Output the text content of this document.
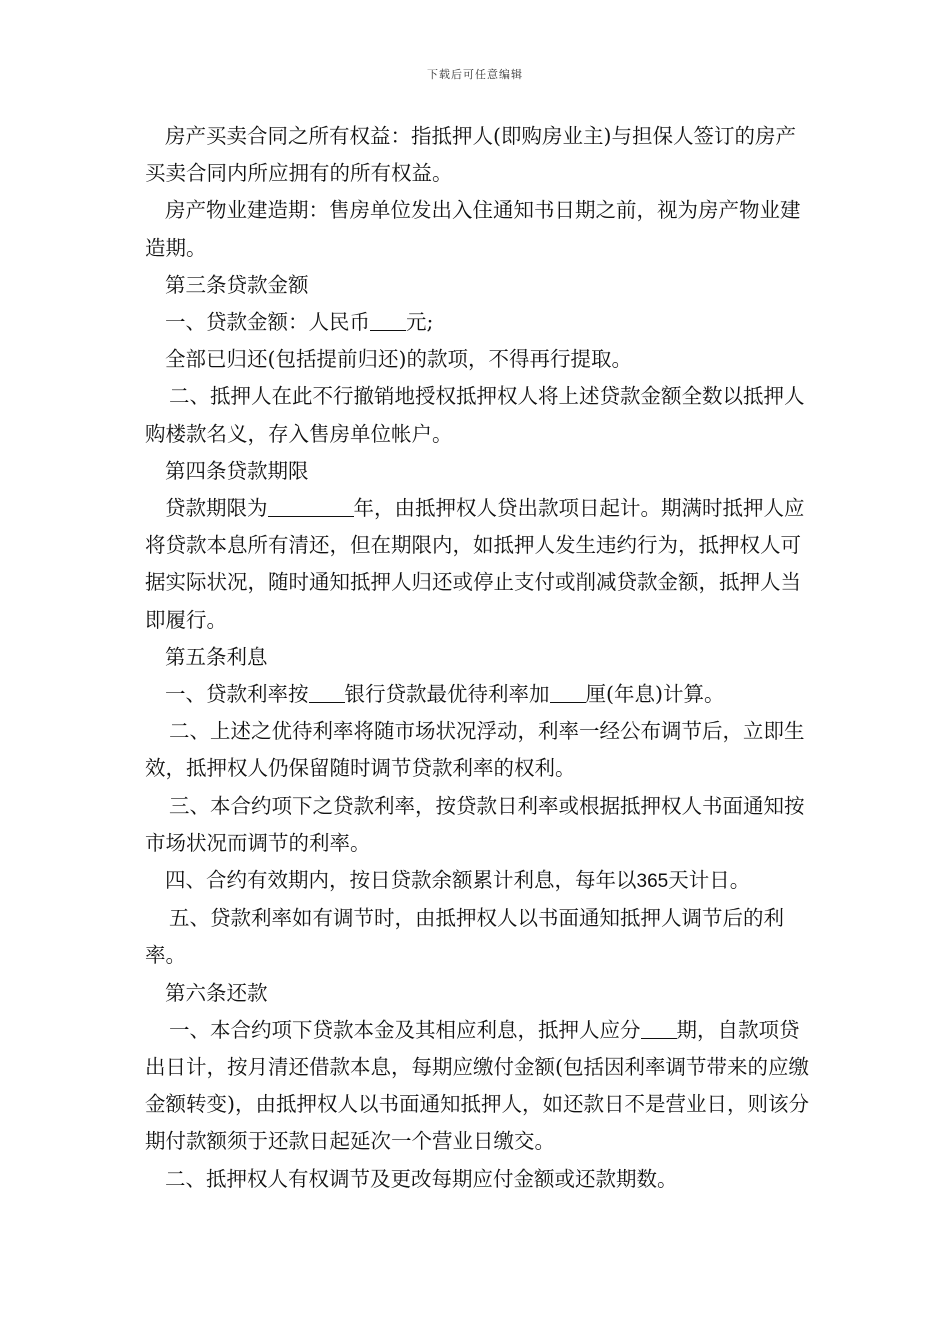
下载后可任意编辑

房产买卖合同之所有权益：指抵押人(即购房业主)与担保人签订的房产买卖合同内所应拥有的所有权益。

房产物业建造期：售房单位发出入住通知书日期之前，视为房产物业建造期。

第三条贷款金额

一、贷款金额：人民币 元;

全部已归还(包括提前归还)的款项，不得再行提取。

二、抵押人在此不行撤销地授权抵押权人将上述贷款金额全数以抵押人购楼款名义，存入售房单位帐户。

第四条贷款期限

贷款期限为	年，由抵押权人贷出款项日起计。期满时抵押人应将贷款本息所有清还，但在期限内，如抵押人发生违约行为，抵押权人可据实际状况，随时通知抵押人归还或停止支付或削减贷款金额，抵押人当即履行。

第五条利息

一、贷款利率按 银行贷款最优待利率加 厘(年息)计算。

二、上述之优待利率将随市场状况浮动，利率一经公布调节后，立即生效，抵押权人仍保留随时调节贷款利率的权利。

三、本合约项下之贷款利率，按贷款日利率或根据抵押权人书面通知按市场状况而调节的利率。

四、合约有效期内，按日贷款余额累计利息，每年以365天计日。

五、贷款利率如有调节时，由抵押权人以书面通知抵押人调节后的利率。

第六条还款

一、本合约项下贷款本金及其相应利息，抵押人应分 期，自款项贷出日计，按月清还借款本息，每期应缴付金额(包括因利率调节带来的应缴金额转变)，由抵押权人以书面通知抵押人，如还款日不是营业日，则该分期付款额须于还款日起延次一个营业日缴交。

二、抵押权人有权调节及更改每期应付金额或还款期数。
